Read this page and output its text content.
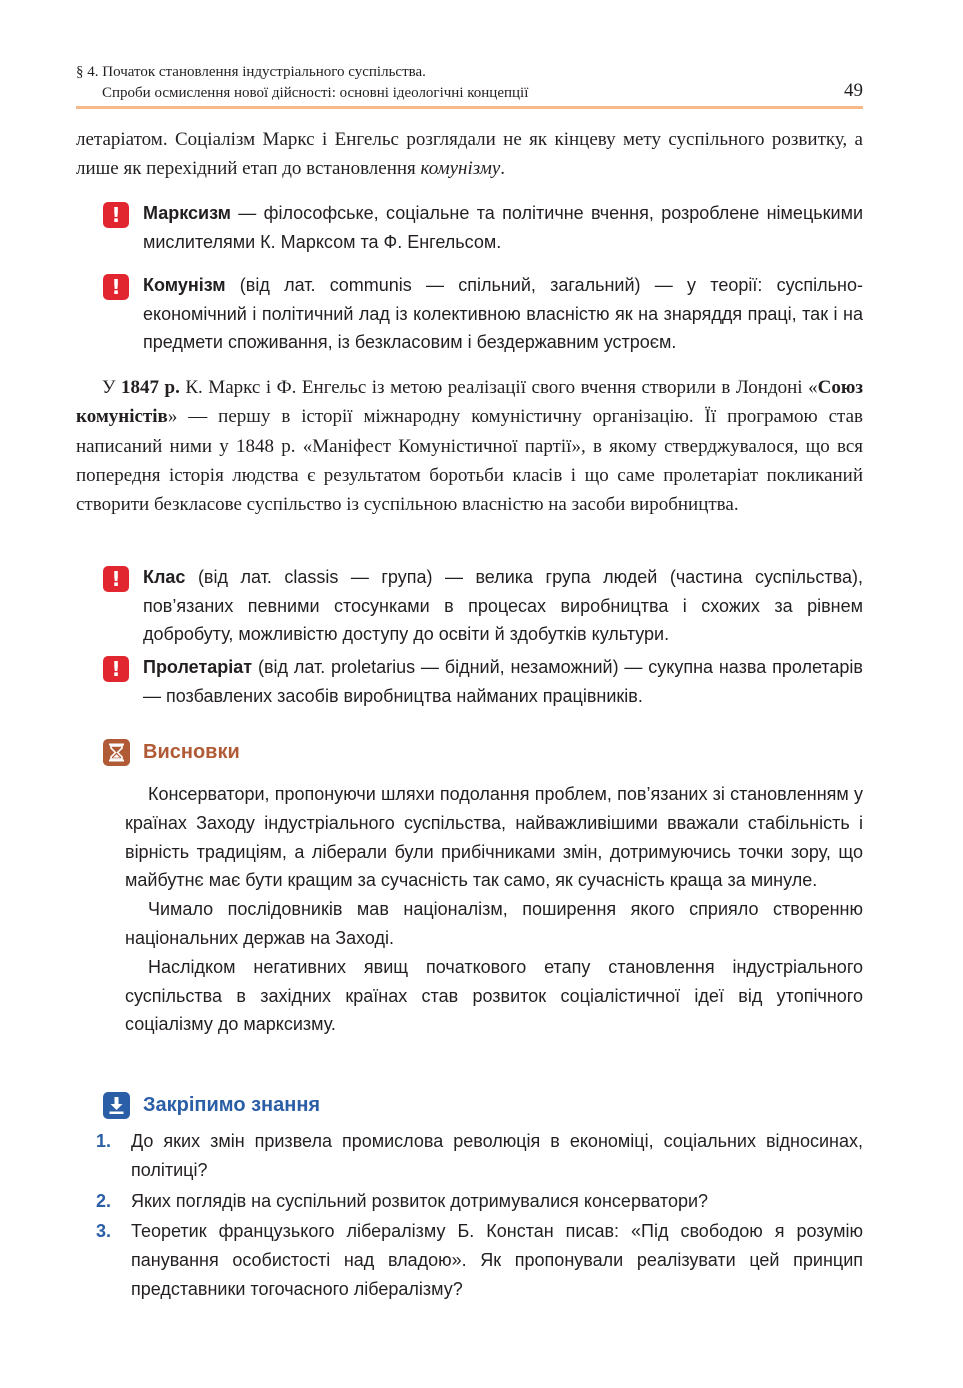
§ 4. Початок становлення індустріального суспільства.
Спроби осмислення нової дійсності: основні ідеологічні концепції	49

летаріатом. Соціалізм Маркс і Енгельс розглядали не як кінцеву мету суспільного розвитку, а лише як перехідний етап до встановлення комунізму.

!	Марксизм — філософське, соціальне та політичне вчення, розроблене німецькими мислителями К. Марксом та Ф. Енгельсом.
!	Комунізм (від лат. communis — спільний, загальний) — у теорії: суспільно-економічний і політичний лад із колективною власністю як на знаряддя праці, так і на предмети споживання, із безкласовим і бездержавним устроєм.

У 1847 р. К. Маркс і Ф. Енгельс із метою реалізації свого вчення створили в Лондоні «Союз комуністів» — першу в історії міжнародну комуністичну організацію. Її програмою став написаний ними у 1848 р. «Маніфест Комуністичної партії», в якому стверджувалося, що вся попередня історія людства є результатом боротьби класів і що саме пролетаріат покликаний створити безкласове суспільство із суспільною власністю на засоби виробництва.

!	Клас (від лат. classis — група) — велика група людей (частина суспільства), пов’язаних певними стосунками в процесах виробництва і схожих за рівнем добробуту, можливістю доступу до освіти й здобутків культури.
!	Пролетаріат (від лат. proletarius — бідний, незаможний) — сукупна назва пролетарів — позбавлених засобів виробництва найманих працівників.
Висновки

Консерватори, пропонуючи шляхи подолання проблем, пов’язаних зі становленням у країнах Заходу індустріального суспільства, найважливішими вважали стабільність і вірність традиціям, а ліберали були прибічниками змін, дотримуючись точки зору, що майбутнє має бути кращим за сучасність так само, як сучасність краща за минуле.

Чимало послідовників мав націоналізм, поширення якого сприяло створенню національних держав на Заході.

Наслідком негативних явищ початкового етапу становлення індустріального суспільства в західних країнах став розвиток соціалістичної ідеї від утопічного соціалізму до марксизму.

Закріпимо знання
1. До яких змін призвела промислова революція в економіці, соціальних відносинах, політиці?
2. Яких поглядів на суспільний розвиток дотримувалися консерватори?
3. Теоретик французького лібералізму Б. Констан писав: «Під свободою я розумію панування особистості над владою». Як пропонували реалізувати цей принцип представники тогочасного лібералізму?
